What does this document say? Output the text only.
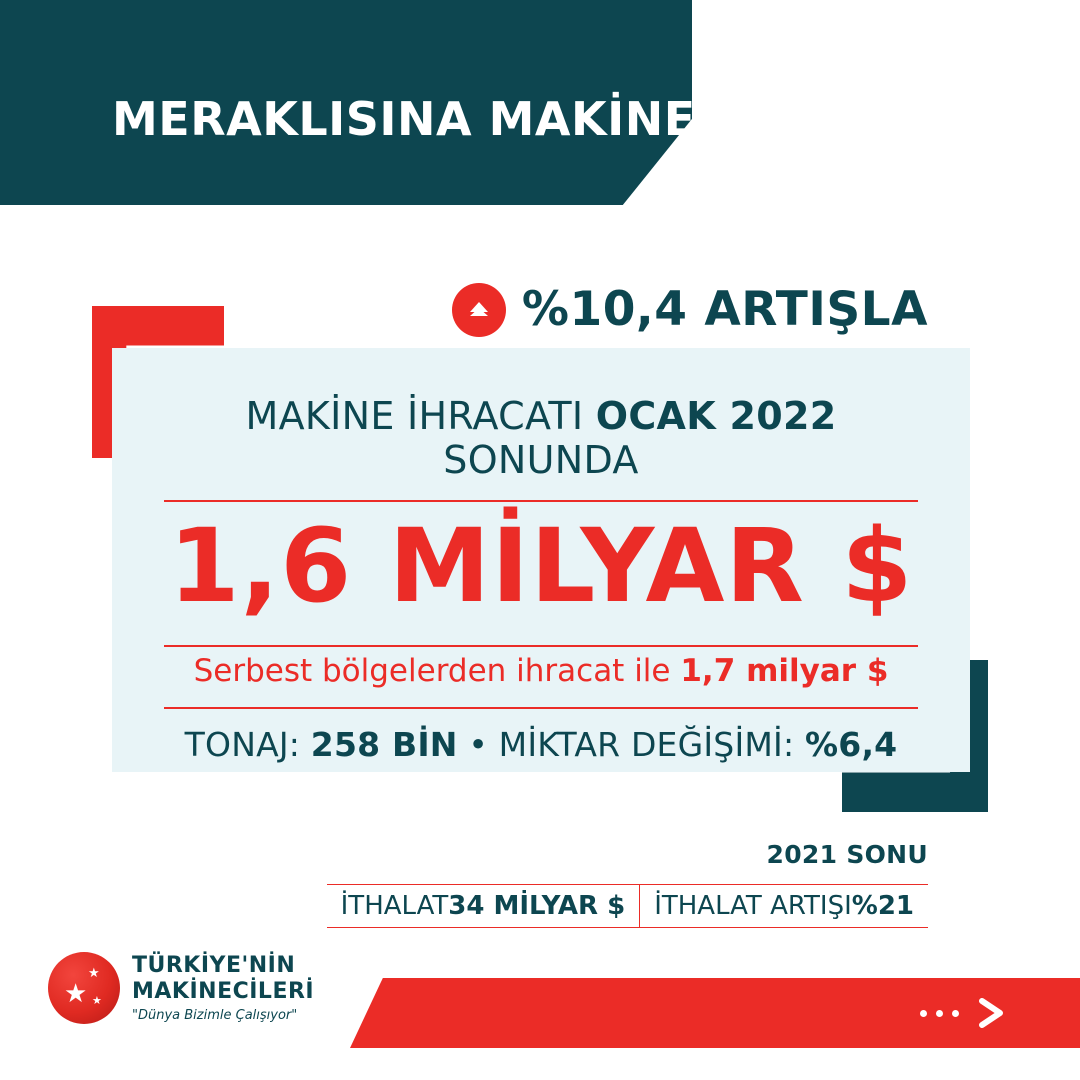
MERAKLISINA MAKİNE
%10,4 ARTIŞLA
MAKİNE İHRACATI OCAK 2022 SONUNDA
1,6 MİLYAR $
Serbest bölgelerden ihracat ile 1,7 milyar $
TONAJ: 258 BİN • MİKTAR DEĞİŞİMİ: %6,4
2021 SONU
İTHALAT 34 MİLYAR $ İTHALAT ARTIŞI %21
★
★
★
TÜRKİYE'NİN
MAKİNECİLERİ
"Dünya Bizimle Çalışıyor"
